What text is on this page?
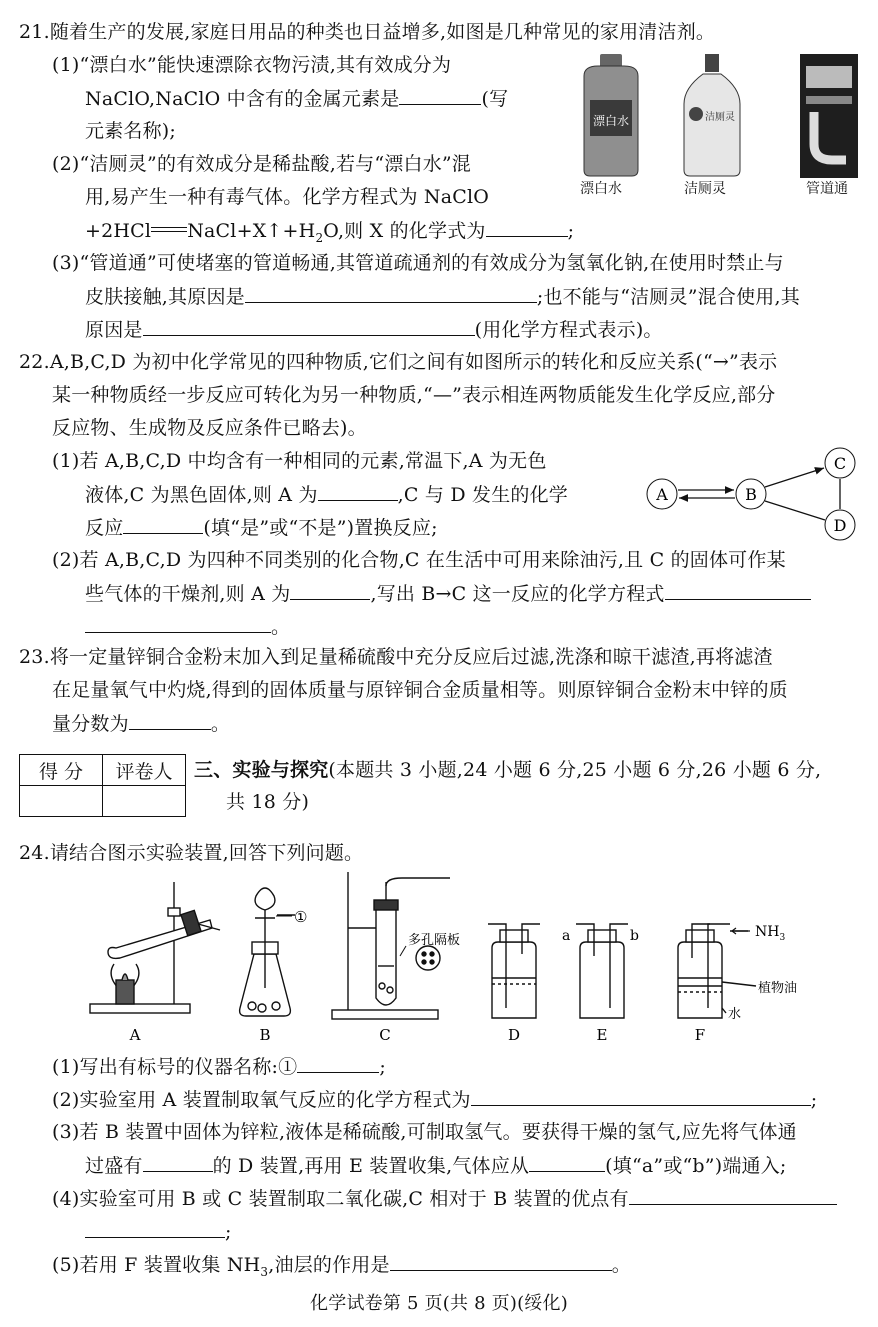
21.随着生产的发展,家庭日用品的种类也日益增多,如图是几种常见的家用清洁剂。
(1)“漂白水”能快速漂除衣物污渍,其有效成分为
NaClO,NaClO 中含有的金属元素是	(写
元素名称);
(2)“洁厕灵”的有效成分是稀盐酸,若与“漂白水”混
用,易产生一种有毒气体。化学方程式为 NaClO
+2HCl $NaCl+X↑+H_2O$,则 X 的化学式为	;
(3)“管道通”可使堵塞的管道畅通,其管道疏通剂的有效成分为氢氧化钠,在使用时禁止与
皮肤接触,其原因是	;也不能与“洁厕灵”混合使用,其
原因是	(用化学方程式表示)。
漂白水	洁厕灵
漂白水	洁厕灵	管道通
22.A,B,C,D 为初中化学常见的四种物质,它们之间有如图所示的转化和反应关系(“→”表示
某一种物质经一步反应可转化为另一种物质,“—”表示相连两物质能发生化学反应,部分
反应物、生成物及反应条件已略去)。
(1)若 A,B,C,D 中均含有一种相同的元素,常温下,A 为无色
液体,C 为黑色固体,则 A 为	,C 与 D 发生的化学
反应	(填“是”或“不是”)置换反应;
A	B
C
D
(2)若 A,B,C,D 为四种不同类别的化合物,C 在生活中可用来除油污,且 C 的固体可作某
些气体的干燥剂,则 A 为	,写出 B→C 这一反应的化学方程式
。
23.将一定量锌铜合金粉末加入到足量稀硫酸中充分反应后过滤,洗涤和晾干滤渣,再将滤渣
在足量氧气中灼烧,得到的固体质量与原锌铜合金质量相等。则原锌铜合金粉末中锌的质
量分数为	。
得 分	评卷人
	三、实验与探究(本题共 3 小题,24 小题 6 分,25 小题 6 分,26 小题 6 分,
共 18 分)
24.请结合图示实验装置,回答下列问题。
A	B	C	D	E	F
①
多孔隔板	a	b	$NH_3$
植物油
水
(1)写出有标号的仪器名称:①	;
(2)实验室用 A 装置制取氧气反应的化学方程式为	;
(3)若 B 装置中固体为锌粒,液体是稀硫酸,可制取氢气。要获得干燥的氢气,应先将气体通
过盛有	的 D 装置,再用 E 装置收集,气体应从	(填“a”或“b”)端通入;
(4)实验室可用 B 或 C 装置制取二氧化碳,C 相对于 B 装置的优点有
;
(5)若用 F 装置收集 $NH_3$,油层的作用是	。
化学试卷第 5 页(共 8 页)(绥化)
